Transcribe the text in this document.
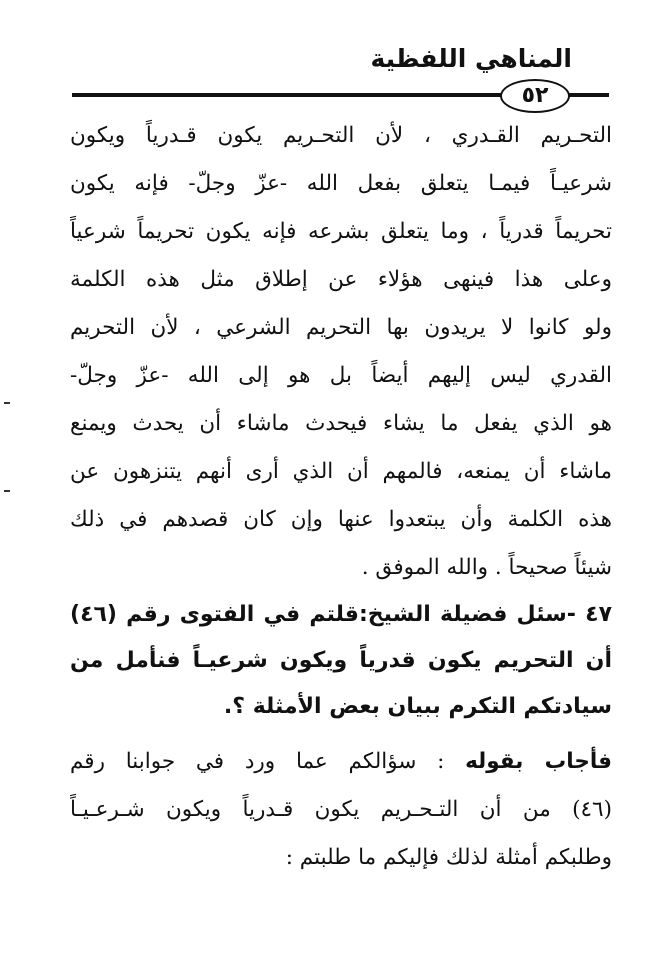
المناهي اللفظية
٥٢
التحـريم القـدري ، لأن التحـريم يكون قـدرياً ويكون
شرعيـاً فيمـا يتعلق بفعل الله -عزّ وجلّ- فإنه يكون
تحريماً قدرياً ، وما يتعلق بشرعه فإنه يكون تحريماً شرعياً
وعلى هذا فينهى هؤلاء عن إطلاق مثل هذه الكلمة
ولو كانوا لا يريدون بها التحريم الشرعي ، لأن التحريم
القدري ليس إليهم أيضاً بل هو إلى الله -عزّ وجلّ-
هو الذي يفعل ما يشاء فيحدث ماشاء أن يحدث ويمنع
ماشاء أن يمنعه، فالمهم أن الذي أرى أنهم يتنزهون عن
هذه الكلمة وأن يبتعدوا عنها وإن كان قصدهم في ذلك
شيئاً صحيحاً . والله الموفق .
٤٧ -سئل فضيلة الشيخ:قلتم في الفتوى رقم (٤٦)
أن التحريم يكون قدرياً ويكون شرعيـاً فنأمل من
سيادتكم التكرم ببيان بعض الأمثلة ؟.
فأجاب بقوله : سؤالكم عما ورد في جوابنا رقم
(٤٦) من أن التـحـريم يكون قـدرياً ويكون شـرعـيـاً
وطلبكم أمثلة لذلك فإليكم ما طلبتم :
